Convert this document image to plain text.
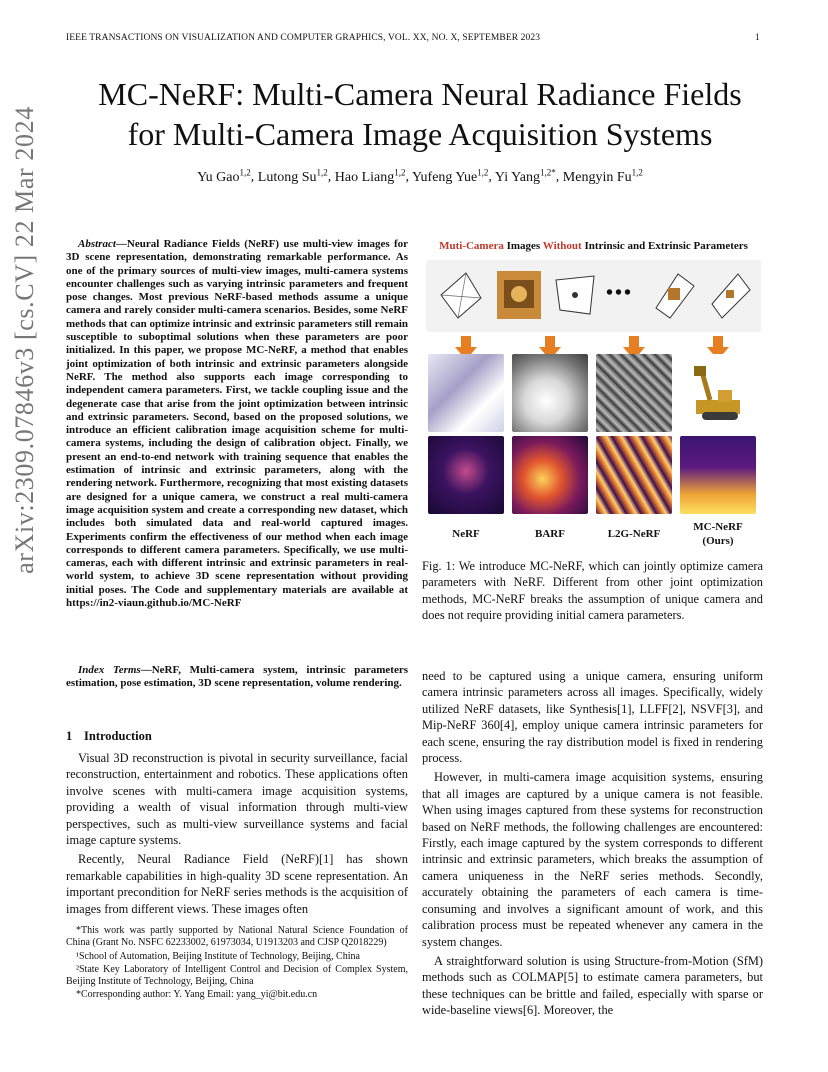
IEEE TRANSACTIONS ON VISUALIZATION AND COMPUTER GRAPHICS, VOL. XX, NO. X, SEPTEMBER 2023	1
arXiv:2309.07846v3 [cs.CV] 22 Mar 2024
MC-NeRF: Multi-Camera Neural Radiance Fields
for Multi-Camera Image Acquisition Systems
Yu Gao$^{1,2}$, Lutong Su$^{1,2}$, Hao Liang$^{1,2}$, Yufeng Yue$^{1,2}$, Yi Yang$^{1,2*}$, Mengyin Fu$^{1,2}$

Abstract—Neural Radiance Fields (NeRF) use multi-view images for 3D scene representation, demonstrating remarkable performance. As one of the primary sources of multi-view images, multi-camera systems encounter challenges such as varying intrinsic parameters and frequent pose changes. Most previous NeRF-based methods assume a unique camera and rarely consider multi-camera scenarios. Besides, some NeRF methods that can optimize intrinsic and extrinsic parameters still remain susceptible to suboptimal solutions when these parameters are poor initialized. In this paper, we propose MC-NeRF, a method that enables joint optimization of both intrinsic and extrinsic parameters alongside NeRF. The method also supports each image corresponding to independent camera parameters. First, we tackle coupling issue and the degenerate case that arise from the joint optimization between intrinsic and extrinsic parameters. Second, based on the proposed solutions, we introduce an efficient calibration image acquisition scheme for multi-camera systems, including the design of calibration object. Finally, we present an end-to-end network with training sequence that enables the estimation of intrinsic and extrinsic parameters, along with the rendering network. Furthermore, recognizing that most existing datasets are designed for a unique camera, we construct a real multi-camera image acquisition system and create a corresponding new dataset, which includes both simulated data and real-world captured images. Experiments confirm the effectiveness of our method when each image corresponds to different camera parameters. Specifically, we use multi-cameras, each with different intrinsic and extrinsic parameters in real-world system, to achieve 3D scene representation without providing initial poses. The Code and supplementary materials are available at https://in2-viaun.github.io/MC-NeRF

Index Terms—NeRF, Multi-camera system, intrinsic parameters estimation, pose estimation, 3D scene representation, volume rendering.

1 Introduction

Visual 3D reconstruction is pivotal in security surveillance, facial reconstruction, entertainment and robotics. These applications often involve scenes with multi-camera image acquisition systems, providing a wealth of visual information through multi-view perspectives, such as multi-view surveillance systems and facial image capture systems.

Recently, Neural Radiance Field (NeRF)[1] has shown remarkable capabilities in high-quality 3D scene representation. An important precondition for NeRF series methods is the acquisition of images from different views. These images often

*This work was partly supported by National Natural Science Foundation of China (Grant No. NSFC 62233002, 61973034, U1913203 and CJSP Q2018229)

¹School of Automation, Beijing Institute of Technology, Beijing, China

²State Key Laboratory of Intelligent Control and Decision of Complex System, Beijing Institute of Technology, Beijing, China

*Corresponding author: Y. Yang Email: yang_yi@bit.edu.cn

Muti-Camera Images Without Intrinsic and Extrinsic Parameters
•••
NeRF	BARF	L2G-NeRF
MC-NeRF
(Ours)

Fig. 1: We introduce MC-NeRF, which can jointly optimize camera parameters with NeRF. Different from other joint optimization methods, MC-NeRF breaks the assumption of unique camera and does not require providing initial camera parameters.

need to be captured using a unique camera, ensuring uniform camera intrinsic parameters across all images. Specifically, widely utilized NeRF datasets, like Synthesis[1], LLFF[2], NSVF[3], and Mip-NeRF 360[4], employ unique camera intrinsic parameters for each scene, ensuring the ray distribution model is fixed in rendering process.

However, in multi-camera image acquisition systems, ensuring that all images are captured by a unique camera is not feasible. When using images captured from these systems for reconstruction based on NeRF methods, the following challenges are encountered: Firstly, each image captured by the system corresponds to different intrinsic and extrinsic parameters, which breaks the assumption of camera uniqueness in the NeRF series methods. Secondly, accurately obtaining the parameters of each camera is time-consuming and involves a significant amount of work, and this calibration process must be repeated whenever any camera in the system changes.

A straightforward solution is using Structure-from-Motion (SfM) methods such as COLMAP[5] to estimate camera parameters, but these techniques can be brittle and failed, especially with sparse or wide-baseline views[6]. Moreover, the
